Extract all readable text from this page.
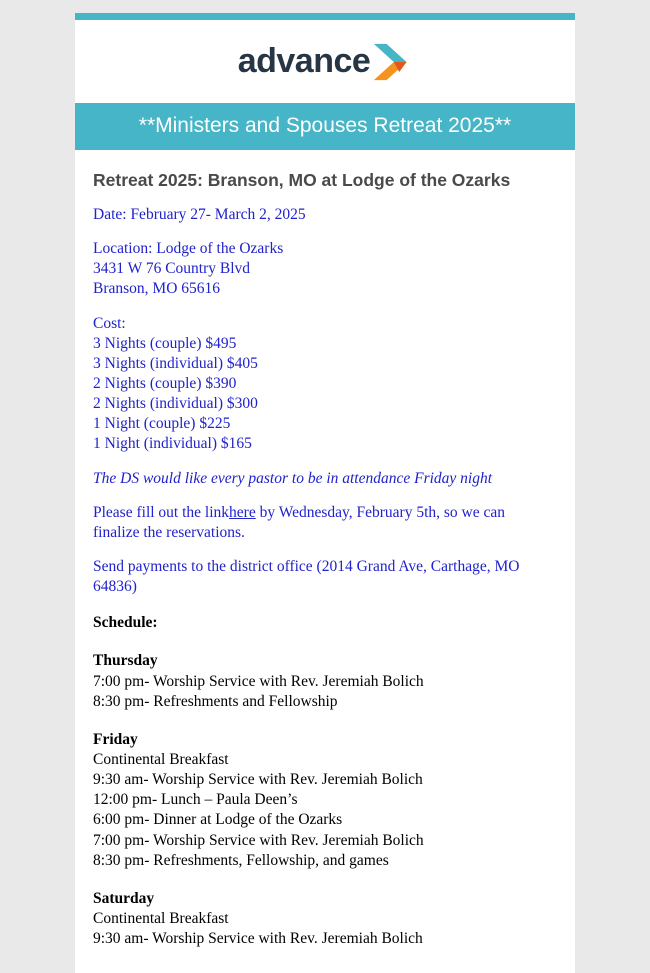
advance
**Ministers and Spouses Retreat 2025**
Retreat 2025: Branson, MO at Lodge of the Ozarks

Date: February 27- March 2, 2025

Location: Lodge of the Ozarks
3431 W 76 Country Blvd
Branson, MO 65616

Cost:
3 Nights (couple) $495
3 Nights (individual) $405
2 Nights (couple) $390
2 Nights (individual) $300
1 Night (couple) $225
1 Night (individual) $165

The DS would like every pastor to be in attendance Friday night

Please fill out the linkhere by Wednesday, February 5th, so we can finalize the reservations.

Send payments to the district office (2014 Grand Ave, Carthage, MO 64836)

Schedule:

Thursday

7:00 pm- Worship Service with Rev. Jeremiah Bolich

8:30 pm- Refreshments and Fellowship

Friday

Continental Breakfast

9:30 am- Worship Service with Rev. Jeremiah Bolich

12:00 pm- Lunch – Paula Deen’s

6:00 pm- Dinner at Lodge of the Ozarks

7:00 pm- Worship Service with Rev. Jeremiah Bolich

8:30 pm- Refreshments, Fellowship, and games

Saturday

Continental Breakfast

9:30 am- Worship Service with Rev. Jeremiah Bolich
